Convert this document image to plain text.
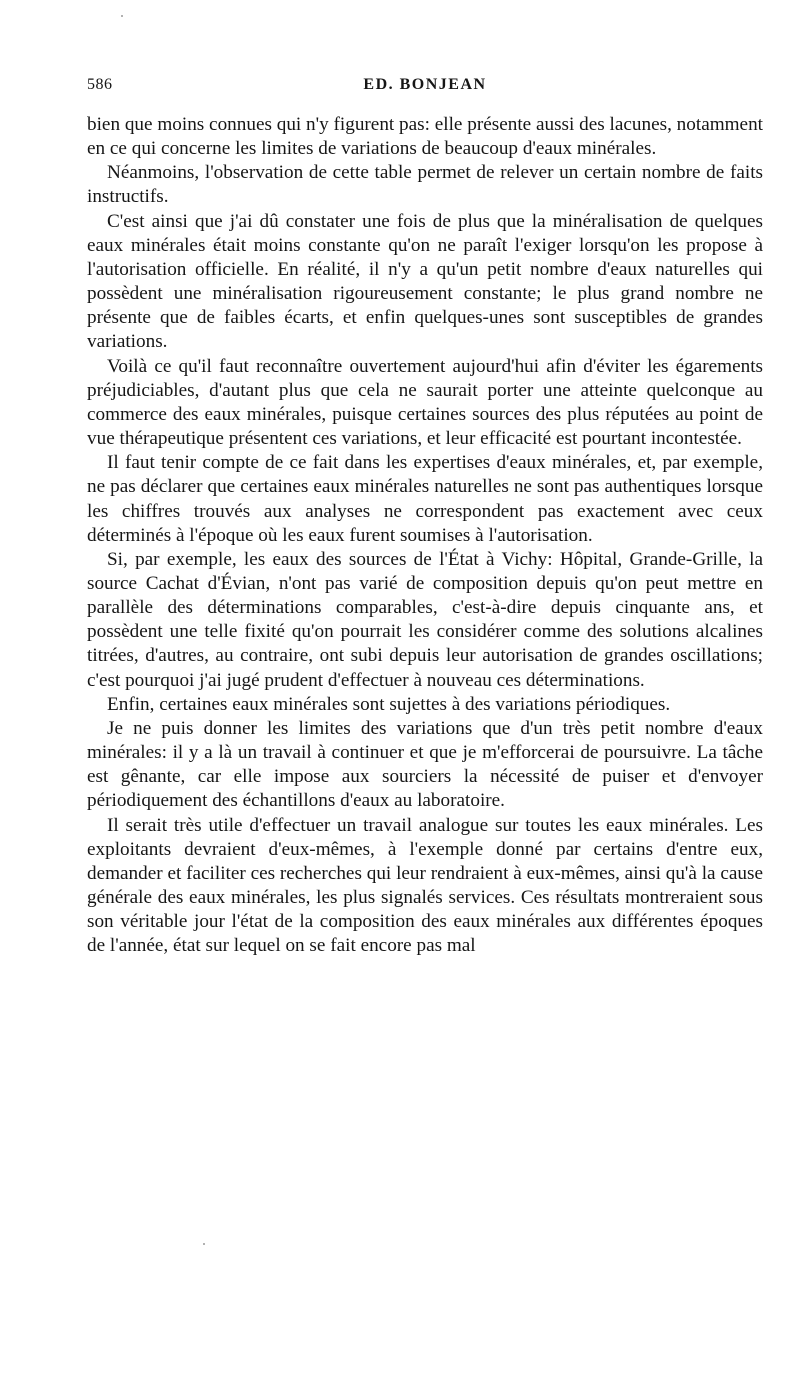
586	ED. BONJEAN

bien que moins connues qui n'y figurent pas: elle présente aussi des lacunes, notamment en ce qui concerne les limites de variations de beaucoup d'eaux minérales.

Néanmoins, l'observation de cette table permet de relever un certain nombre de faits instructifs.

C'est ainsi que j'ai dû constater une fois de plus que la minéralisation de quelques eaux minérales était moins constante qu'on ne paraît l'exiger lorsqu'on les propose à l'autorisation officielle. En réalité, il n'y a qu'un petit nombre d'eaux naturelles qui possèdent une minéralisation rigoureusement constante; le plus grand nombre ne présente que de faibles écarts, et enfin quelques-unes sont susceptibles de grandes variations.

Voilà ce qu'il faut reconnaître ouvertement aujourd'hui afin d'éviter les égarements préjudiciables, d'autant plus que cela ne saurait porter une atteinte quelconque au commerce des eaux minérales, puisque certaines sources des plus réputées au point de vue thérapeutique présentent ces variations, et leur efficacité est pourtant incontestée.

Il faut tenir compte de ce fait dans les expertises d'eaux minérales, et, par exemple, ne pas déclarer que certaines eaux minérales naturelles ne sont pas authentiques lorsque les chiffres trouvés aux analyses ne correspondent pas exactement avec ceux déterminés à l'époque où les eaux furent soumises à l'autorisation.

Si, par exemple, les eaux des sources de l'État à Vichy: Hôpital, Grande-Grille, la source Cachat d'Évian, n'ont pas varié de composition depuis qu'on peut mettre en parallèle des déterminations comparables, c'est-à-dire depuis cinquante ans, et possèdent une telle fixité qu'on pourrait les considérer comme des solutions alcalines titrées, d'autres, au contraire, ont subi depuis leur autorisation de grandes oscillations; c'est pourquoi j'ai jugé prudent d'effectuer à nouveau ces déterminations.

Enfin, certaines eaux minérales sont sujettes à des variations périodiques.

Je ne puis donner les limites des variations que d'un très petit nombre d'eaux minérales: il y a là un travail à continuer et que je m'efforcerai de poursuivre. La tâche est gênante, car elle impose aux sourciers la nécessité de puiser et d'envoyer périodiquement des échantillons d'eaux au laboratoire.

Il serait très utile d'effectuer un travail analogue sur toutes les eaux minérales. Les exploitants devraient d'eux-mêmes, à l'exemple donné par certains d'entre eux, demander et faciliter ces recherches qui leur rendraient à eux-mêmes, ainsi qu'à la cause générale des eaux minérales, les plus signalés services. Ces résultats montreraient sous son véritable jour l'état de la composition des eaux minérales aux différentes époques de l'année, état sur lequel on se fait encore pas mal
